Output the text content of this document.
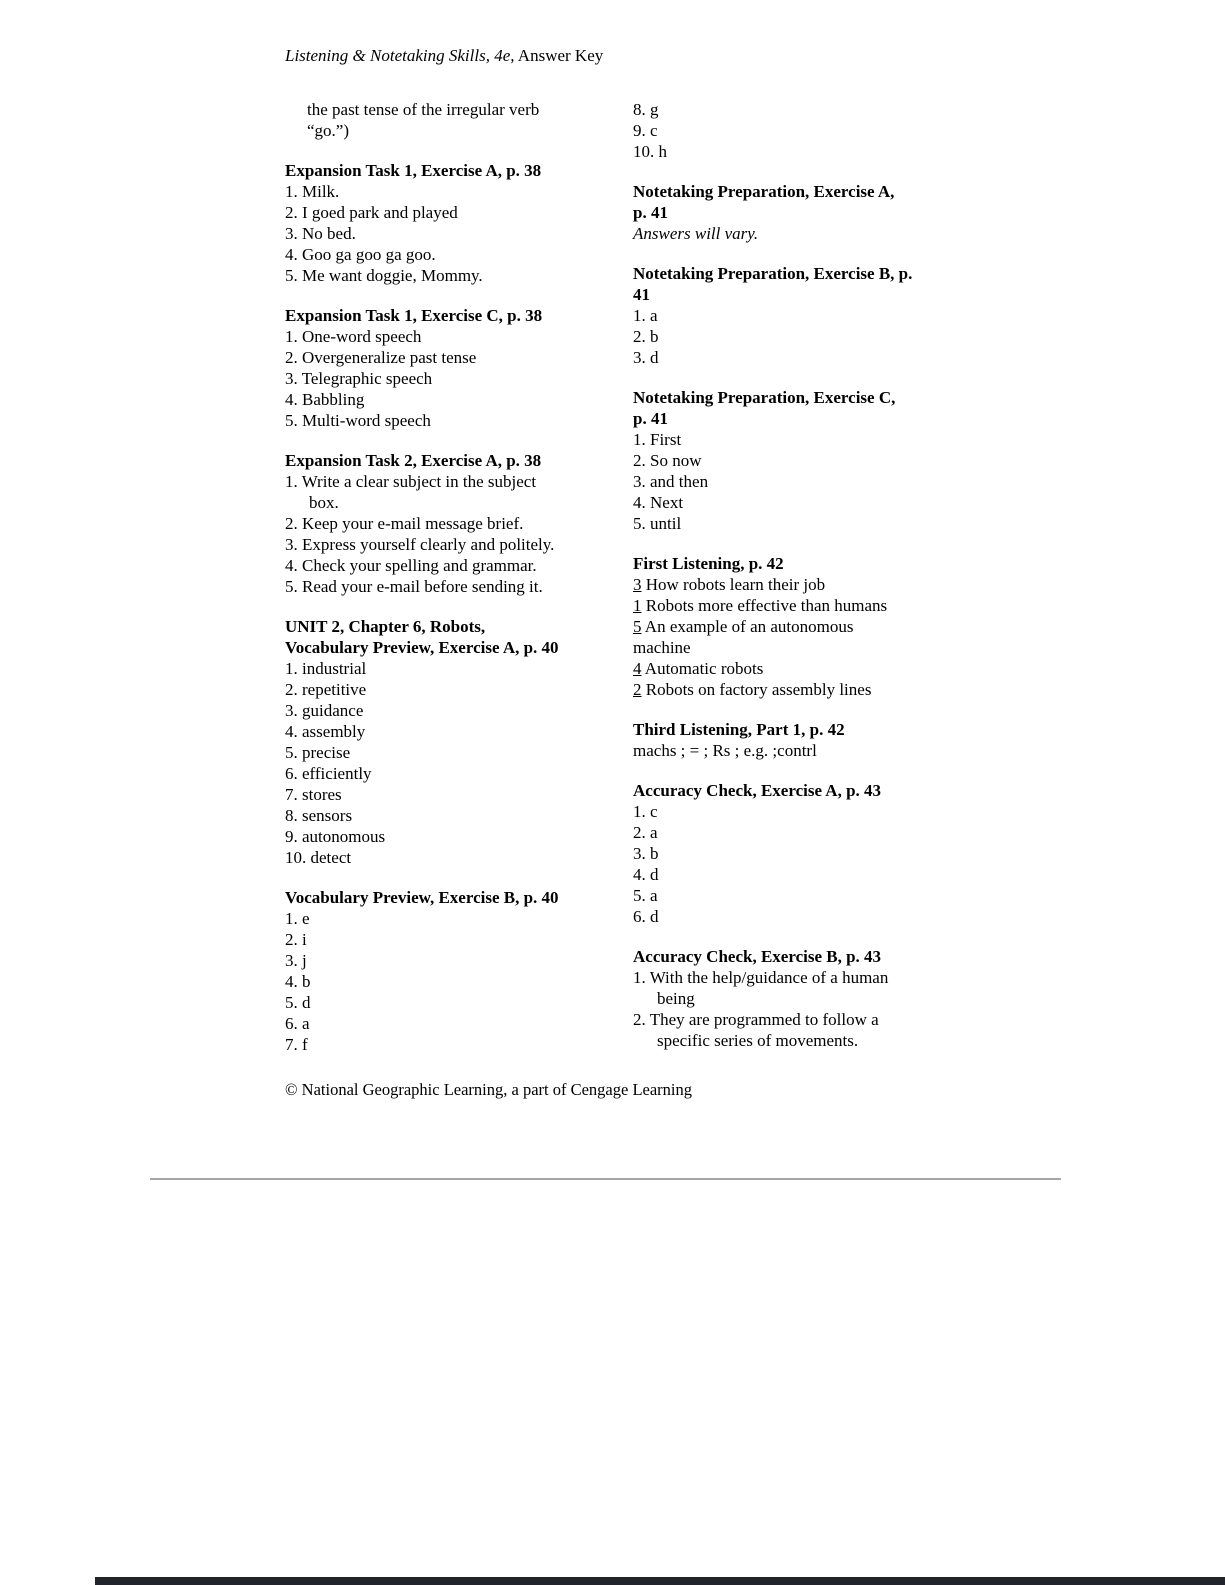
Listening & Notetaking Skills, 4e, Answer Key
the past tense of the irregular verb
“go.”)
Expansion Task 1, Exercise A, p. 38
1. Milk.
2. I goed park and played
3. No bed.
4. Goo ga goo ga goo.
5. Me want doggie, Mommy.
Expansion Task 1, Exercise C, p. 38
1. One-word speech
2. Overgeneralize past tense
3. Telegraphic speech
4. Babbling
5. Multi-word speech
Expansion Task 2, Exercise A, p. 38
1. Write a clear subject in the subject
box.
2. Keep your e-mail message brief.
3. Express yourself clearly and politely.
4. Check your spelling and grammar.
5. Read your e-mail before sending it.
UNIT 2, Chapter 6, Robots,
Vocabulary Preview, Exercise A, p. 40
1. industrial
2. repetitive
3. guidance
4. assembly
5. precise
6. efficiently
7. stores
8. sensors
9. autonomous
10. detect
Vocabulary Preview, Exercise B, p. 40
1. e
2. i
3. j
4. b
5. d
6. a
7. f
8. g
9. c
10. h
Notetaking Preparation, Exercise A,
p. 41
Answers will vary.
Notetaking Preparation, Exercise B, p.
41
1. a
2. b
3. d
Notetaking Preparation, Exercise C,
p. 41
1. First
2. So now
3. and then
4. Next
5. until
First Listening, p. 42
3 How robots learn their job
1 Robots more effective than humans
5 An example of an autonomous
machine
4 Automatic robots
2 Robots on factory assembly lines
Third Listening, Part 1, p. 42
machs ; = ; Rs ; e.g. ;contrl
Accuracy Check, Exercise A, p. 43
1. c
2. a
3. b
4. d
5. a
6. d
Accuracy Check, Exercise B, p. 43
1. With the help/guidance of a human
being
2. They are programmed to follow a
specific series of movements.
© National Geographic Learning, a part of Cengage Learning
